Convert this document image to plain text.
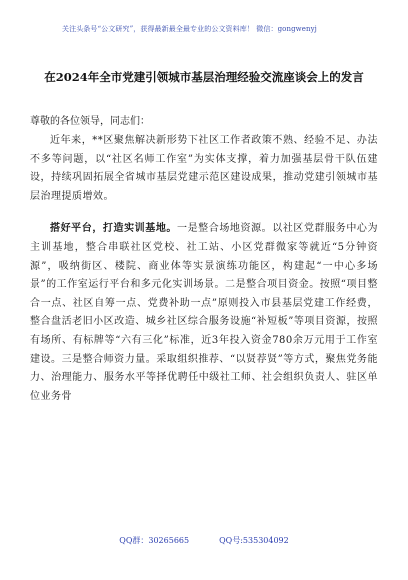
关注头条号“公文研究”，获得最新最全最专业的公文资料库！ 微信：gongwenyj
在2024年全市党建引领城市基层治理经验交流座谈会上的发言
尊敬的各位领导，同志们：

近年来，**区聚焦解决新形势下社区工作者政策不熟、经验不足、办法不多等问题，以“社区名师工作室”为实体支撑，着力加强基层骨干队伍建设，持续巩固拓展全省城市基层党建示范区建设成果，推动党建引领城市基层治理提质增效。

搭好平台，打造实训基地。一是整合场地资源。以社区党群服务中心为主训基地，整合串联社区党校、社工站、小区党群微家等就近“5分钟资源”，吸纳街区、楼院、商业体等实景演练功能区，构建起“一中心多场景”的工作室运行平台和多元化实训场景。二是整合项目资金。按照“项目整合一点、社区自筹一点、党费补助一点”原则投入市县基层党建工作经费，整合盘活老旧小区改造、城乡社区综合服务设施“补短板”等项目资源，按照有场所、有标牌等“六有三化”标准，近3年投入资金780余万元用于工作室建设。三是整合师资力量。采取组织推荐、“以贤荐贤”等方式，聚焦党务能力、治理能力、服务水平等择优聘任中级社工师、社会组织负责人、驻区单位业务骨

QQ群：30265665	QQ号:535304092
